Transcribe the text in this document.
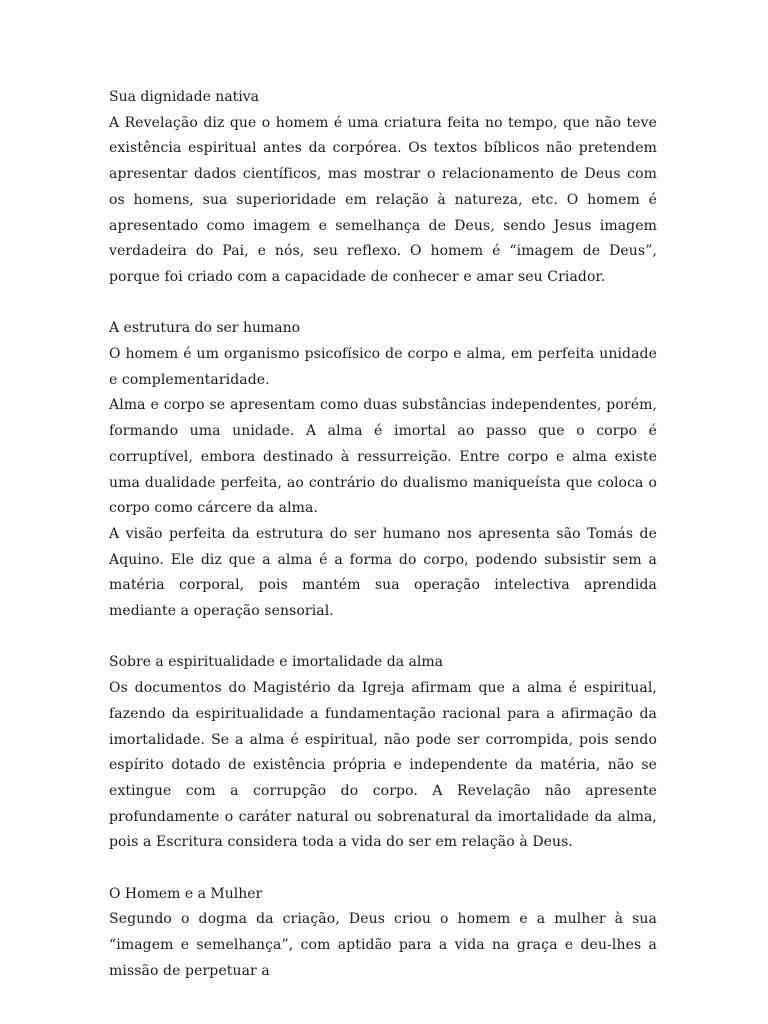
Sua dignidade nativa

A Revelação diz que o homem é uma criatura feita no tempo, que não teve existência espiritual antes da corpórea. Os textos bíblicos não pretendem apresentar dados científicos, mas mostrar o relacionamento de Deus com os homens, sua superioridade em relação à natureza, etc. O homem é apresentado como imagem e semelhança de Deus, sendo Jesus imagem verdadeira do Pai, e nós, seu reflexo. O homem é “imagem de Deus”, porque foi criado com a capacidade de conhecer e amar seu Criador.

A estrutura do ser humano

O homem é um organismo psicofísico de corpo e alma, em perfeita unidade e complementaridade.

Alma e corpo se apresentam como duas substâncias independentes, porém, formando uma unidade. A alma é imortal ao passo que o corpo é corruptível, embora destinado à ressurreição. Entre corpo e alma existe uma dualidade perfeita, ao contrário do dualismo maniqueísta que coloca o corpo como cárcere da alma.

A visão perfeita da estrutura do ser humano nos apresenta são Tomás de Aquino. Ele diz que a alma é a forma do corpo, podendo subsistir sem a matéria corporal, pois mantém sua operação intelectiva aprendida mediante a operação sensorial.

Sobre a espiritualidade e imortalidade da alma

Os documentos do Magistério da Igreja afirmam que a alma é espiritual, fazendo da espiritualidade a fundamentação racional para a afirmação da imortalidade. Se a alma é espiritual, não pode ser corrompida, pois sendo espírito dotado de existência própria e independente da matéria, não se extingue com a corrupção do corpo. A Revelação não apresente profundamente o caráter natural ou sobrenatural da imortalidade da alma, pois a Escritura considera toda a vida do ser em relação à Deus.

O Homem e a Mulher

Segundo o dogma da criação, Deus criou o homem e a mulher à sua “imagem e semelhança”, com aptidão para a vida na graça e deu-lhes a missão de perpetuar a
